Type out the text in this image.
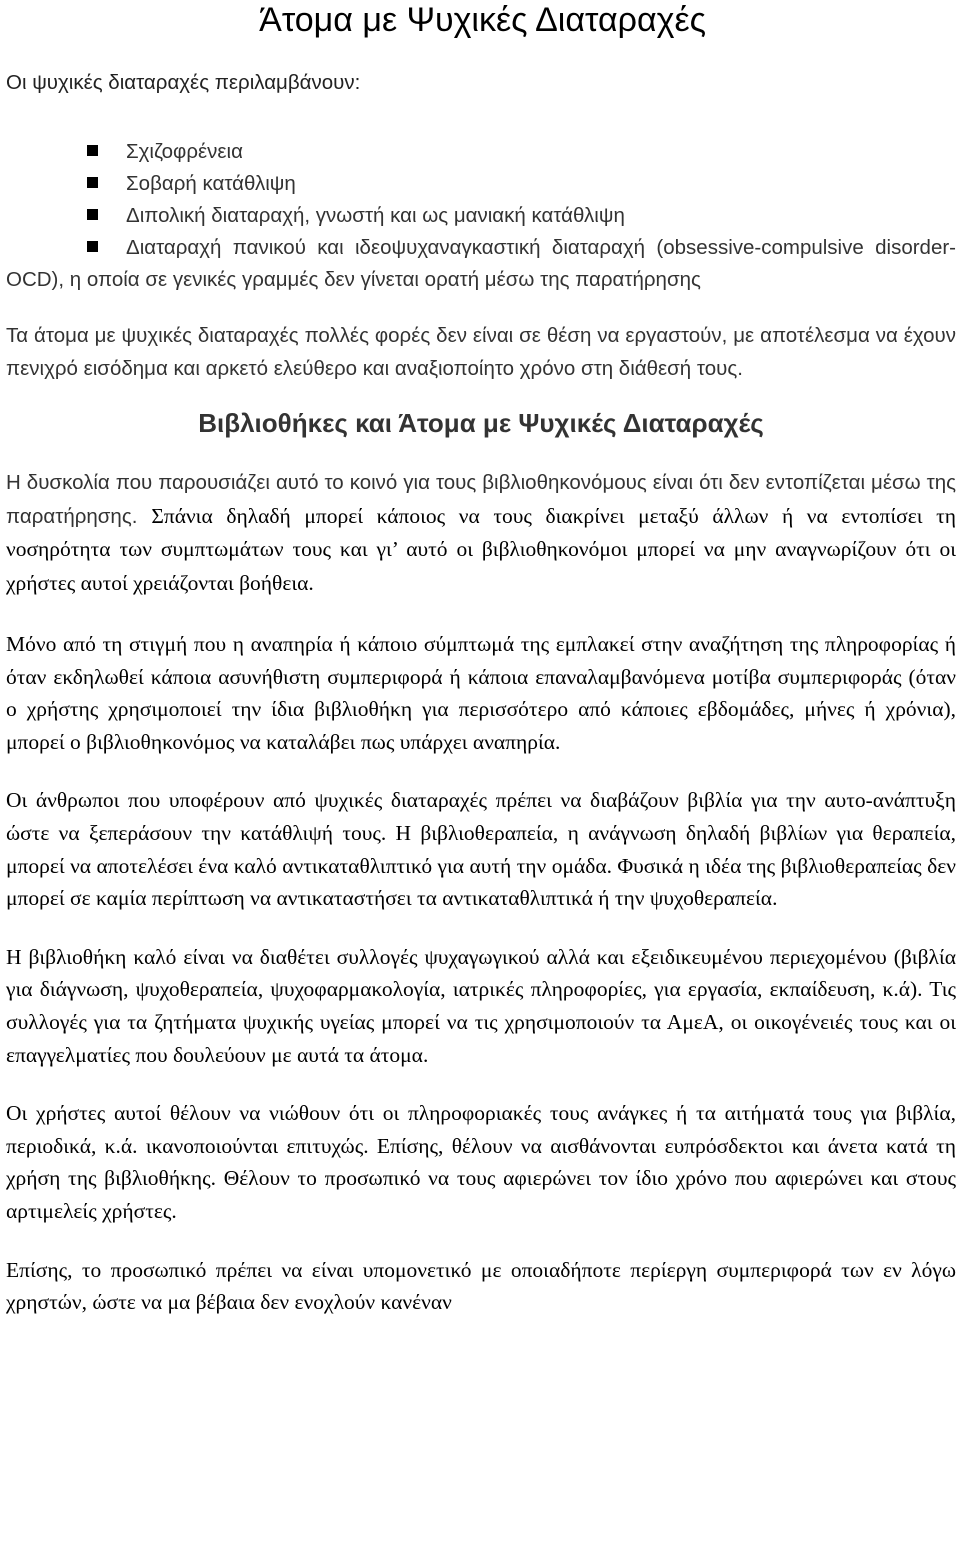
Άτομα με Ψυχικές Διαταραχές

Οι ψυχικές διαταραχές περιλαμβάνουν:

Σχιζοφρένεια
Σοβαρή κατάθλιψη
Διπολική διαταραχή, γνωστή και ως μανιακή κατάθλιψη
Διαταραχή πανικού και ιδεοψυχαναγκαστική διαταραχή (obsessive-compulsive disorder-OCD), η οποία σε γενικές γραμμές δεν γίνεται ορατή μέσω της παρατήρησης

Τα άτομα με ψυχικές διαταραχές πολλές φορές δεν είναι σε θέση να εργαστούν, με αποτέλεσμα να έχουν πενιχρό εισόδημα και αρκετό ελεύθερο και αναξιοποίητο χρόνο στη διάθεσή τους.

Βιβλιοθήκες και Άτομα με Ψυχικές Διαταραχές

Η δυσκολία που παρουσιάζει αυτό το κοινό για τους βιβλιοθηκονόμους είναι ότι δεν εντοπίζεται μέσω της παρατήρησης. Σπάνια δηλαδή μπορεί κάποιος να τους διακρίνει μεταξύ άλλων ή να εντοπίσει τη νοσηρότητα των συμπτωμάτων τους και γι’ αυτό οι βιβλιοθηκονόμοι μπορεί να μην αναγνωρίζουν ότι οι χρήστες αυτοί χρειάζονται βοήθεια.

Μόνο από τη στιγμή που η αναπηρία ή κάποιο σύμπτωμά της εμπλακεί στην αναζήτηση της πληροφορίας ή όταν εκδηλωθεί κάποια ασυνήθιστη συμπεριφορά ή κάποια επαναλαμβανόμενα μοτίβα συμπεριφοράς (όταν ο χρήστης χρησιμοποιεί την ίδια βιβλιοθήκη για περισσότερο από κάποιες εβδομάδες, μήνες ή χρόνια), μπορεί ο βιβλιοθηκονόμος να καταλάβει πως υπάρχει αναπηρία.

Οι άνθρωποι που υποφέρουν από ψυχικές διαταραχές πρέπει να διαβάζουν βιβλία για την αυτο-ανάπτυξη ώστε να ξεπεράσουν την κατάθλιψή τους. Η βιβλιοθεραπεία, η ανάγνωση δηλαδή βιβλίων για θεραπεία, μπορεί να αποτελέσει ένα καλό αντικαταθλιπτικό για αυτή την ομάδα. Φυσικά η ιδέα της βιβλιοθεραπείας δεν μπορεί σε καμία περίπτωση να αντικαταστήσει τα αντικαταθλιπτικά ή την ψυχοθεραπεία.

Η βιβλιοθήκη καλό είναι να διαθέτει συλλογές ψυχαγωγικού αλλά και εξειδικευμένου περιεχομένου (βιβλία για διάγνωση, ψυχοθεραπεία, ψυχοφαρμακολογία, ιατρικές πληροφορίες, για εργασία, εκπαίδευση, κ.ά). Τις συλλογές για τα ζητήματα ψυχικής υγείας μπορεί να τις χρησιμοποιούν τα ΑμεΑ, οι οικογένειές τους και οι επαγγελματίες που δουλεύουν με αυτά τα άτομα.

Οι χρήστες αυτοί θέλουν να νιώθουν ότι οι πληροφοριακές τους ανάγκες ή τα αιτήματά τους για βιβλία, περιοδικά, κ.ά. ικανοποιούνται επιτυχώς. Επίσης, θέλουν να αισθάνονται ευπρόσδεκτοι και άνετα κατά τη χρήση της βιβλιοθήκης. Θέλουν το προσωπικό να τους αφιερώνει τον ίδιο χρόνο που αφιερώνει και στους αρτιμελείς χρήστες.

Επίσης, το προσωπικό πρέπει να είναι υπομονετικό με οποιαδήποτε περίεργη συμπεριφορά των εν λόγω χρηστών, ώστε να μα βέβαια δεν ενοχλούν κανέναν
